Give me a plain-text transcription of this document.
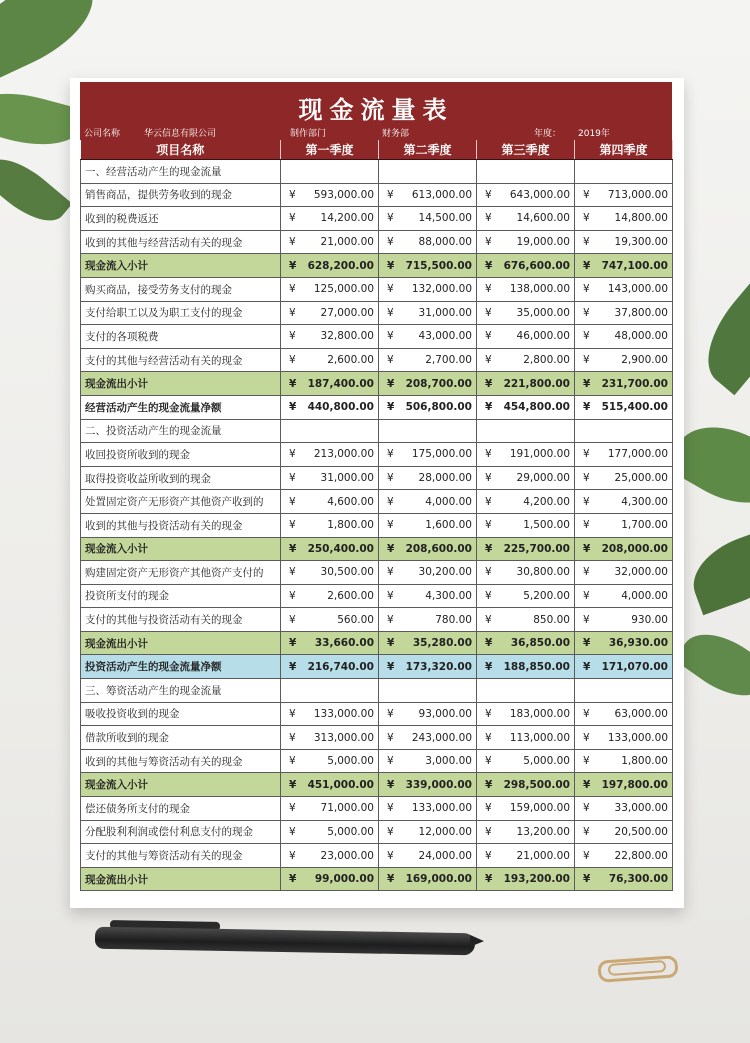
现金流量表
公司名称	华云信息有限公司	制作部门	财务部	年度： 2019年
项目名称	第一季度	第二季度	第三季度	第四季度
一、经营活动产生的现金流量				
销售商品，提供劳务收到的现金	¥ 593,000.00	¥ 613,000.00	¥ 643,000.00	¥ 713,000.00
收到的税费返还	¥ 14,200.00	¥ 14,500.00	¥ 14,600.00	¥ 14,800.00
收到的其他与经营活动有关的现金	¥ 21,000.00	¥ 88,000.00	¥ 19,000.00	¥ 19,300.00
现金流入小计	¥ 628,200.00	¥ 715,500.00	¥ 676,600.00	¥ 747,100.00
购买商品，接受劳务支付的现金	¥ 125,000.00	¥ 132,000.00	¥ 138,000.00	¥ 143,000.00
支付给职工以及为职工支付的现金	¥ 27,000.00	¥ 31,000.00	¥ 35,000.00	¥ 37,800.00
支付的各项税费	¥ 32,800.00	¥ 43,000.00	¥ 46,000.00	¥ 48,000.00
支付的其他与经营活动有关的现金	¥ 2,600.00	¥ 2,700.00	¥ 2,800.00	¥ 2,900.00
现金流出小计	¥ 187,400.00	¥ 208,700.00	¥ 221,800.00	¥ 231,700.00
经营活动产生的现金流量净额	¥ 440,800.00	¥ 506,800.00	¥ 454,800.00	¥ 515,400.00
二、投资活动产生的现金流量				
收回投资所收到的现金	¥ 213,000.00	¥ 175,000.00	¥ 191,000.00	¥ 177,000.00
取得投资收益所收到的现金	¥ 31,000.00	¥ 28,000.00	¥ 29,000.00	¥ 25,000.00
处置固定资产无形资产其他资产收到的	¥ 4,600.00	¥ 4,000.00	¥ 4,200.00	¥ 4,300.00
收到的其他与投资活动有关的现金	¥ 1,800.00	¥ 1,600.00	¥ 1,500.00	¥ 1,700.00
现金流入小计	¥ 250,400.00	¥ 208,600.00	¥ 225,700.00	¥ 208,000.00
购建固定资产无形资产其他资产支付的	¥ 30,500.00	¥ 30,200.00	¥ 30,800.00	¥ 32,000.00
投资所支付的现金	¥ 2,600.00	¥ 4,300.00	¥ 5,200.00	¥ 4,000.00
支付的其他与投资活动有关的现金	¥ 560.00	¥ 780.00	¥ 850.00	¥ 930.00
现金流出小计	¥ 33,660.00	¥ 35,280.00	¥ 36,850.00	¥ 36,930.00
投资活动产生的现金流量净额	¥ 216,740.00	¥ 173,320.00	¥ 188,850.00	¥ 171,070.00
三、筹资活动产生的现金流量				
吸收投资收到的现金	¥ 133,000.00	¥ 93,000.00	¥ 183,000.00	¥ 63,000.00
借款所收到的现金	¥ 313,000.00	¥ 243,000.00	¥ 113,000.00	¥ 133,000.00
收到的其他与筹资活动有关的现金	¥ 5,000.00	¥ 3,000.00	¥ 5,000.00	¥ 1,800.00
现金流入小计	¥ 451,000.00	¥ 339,000.00	¥ 298,500.00	¥ 197,800.00
偿还债务所支付的现金	¥ 71,000.00	¥ 133,000.00	¥ 159,000.00	¥ 33,000.00
分配股利利润或偿付利息支付的现金	¥ 5,000.00	¥ 12,000.00	¥ 13,200.00	¥ 20,500.00
支付的其他与筹资活动有关的现金	¥ 23,000.00	¥ 24,000.00	¥ 21,000.00	¥ 22,800.00
现金流出小计	¥ 99,000.00	¥ 169,000.00	¥ 193,200.00	¥ 76,300.00
